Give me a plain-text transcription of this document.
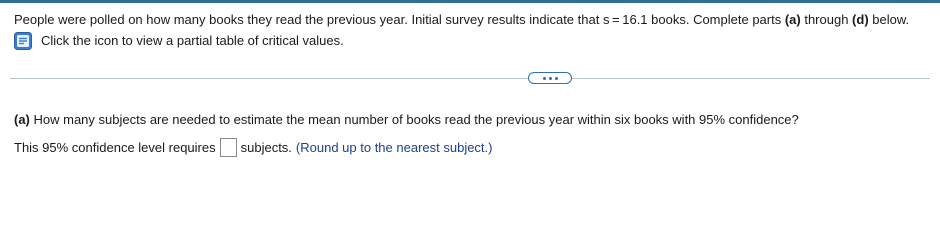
People were polled on how many books they read the previous year. Initial survey results indicate that s = 16.1 books. Complete parts (a) through (d) below.
Click the icon to view a partial table of critical values.
(a) How many subjects are needed to estimate the mean number of books read the previous year within six books with 95% confidence?
This 95% confidence level requires subjects. (Round up to the nearest subject.)
